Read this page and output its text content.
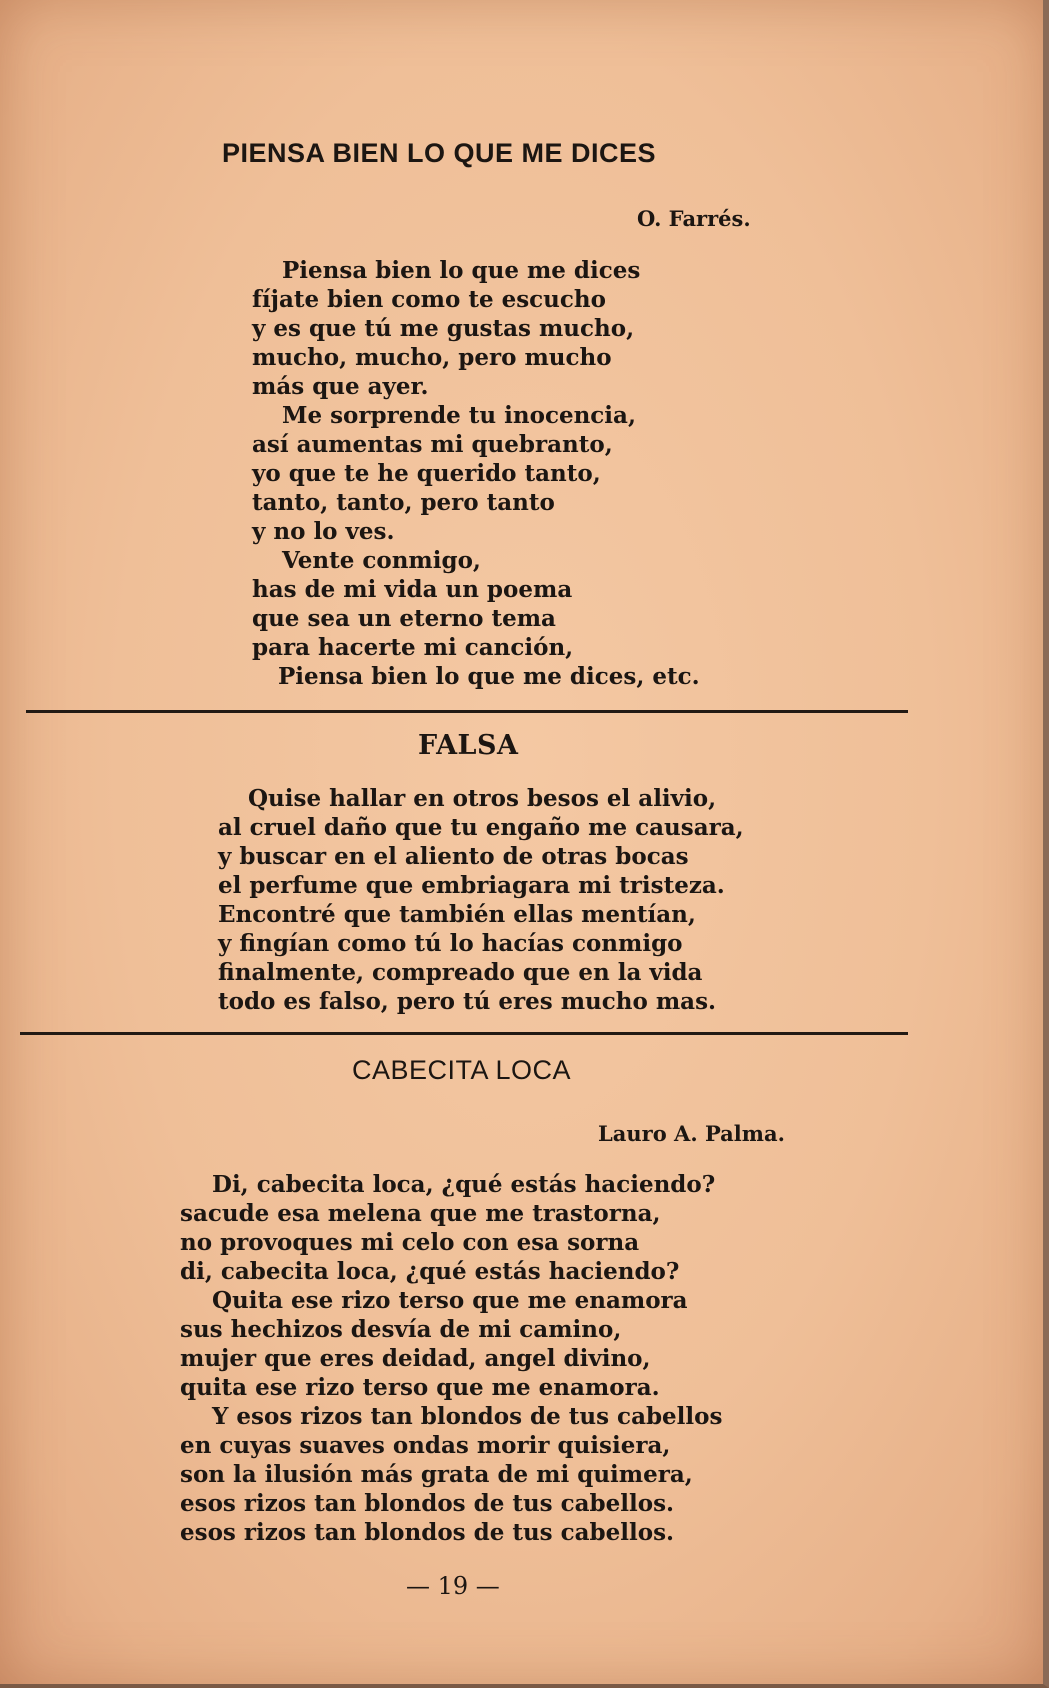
PIENSA BIEN LO QUE ME DICES
O. Farrés.
Piensa bien lo que me dices
fíjate bien como te escucho
y es que tú me gustas mucho,
mucho, mucho, pero mucho
más que ayer.
Me sorprende tu inocencia,
así aumentas mi quebranto,
yo que te he querido tanto,
tanto, tanto, pero tanto
y no lo ves.
Vente conmigo,
has de mi vida un poema
que sea un eterno tema
para hacerte mi canción,
Piensa bien lo que me dices, etc.
FALSA
Quise hallar en otros besos el alivio,
al cruel daño que tu engaño me causara,
y buscar en el aliento de otras bocas
el perfume que embriagara mi tristeza.
Encontré que también ellas mentían,
y fingían como tú lo hacías conmigo
finalmente, compreado que en la vida
todo es falso, pero tú eres mucho mas.
CABECITA LOCA
Lauro A. Palma.
Di, cabecita loca, ¿qué estás haciendo?
sacude esa melena que me trastorna,
no provoques mi celo con esa sorna
di, cabecita loca, ¿qué estás haciendo?
Quita ese rizo terso que me enamora
sus hechizos desvía de mi camino,
mujer que eres deidad, angel divino,
quita ese rizo terso que me enamora.
Y esos rizos tan blondos de tus cabellos
en cuyas suaves ondas morir quisiera,
son la ilusión más grata de mi quimera,
esos rizos tan blondos de tus cabellos.
esos rizos tan blondos de tus cabellos.
— 19 —
